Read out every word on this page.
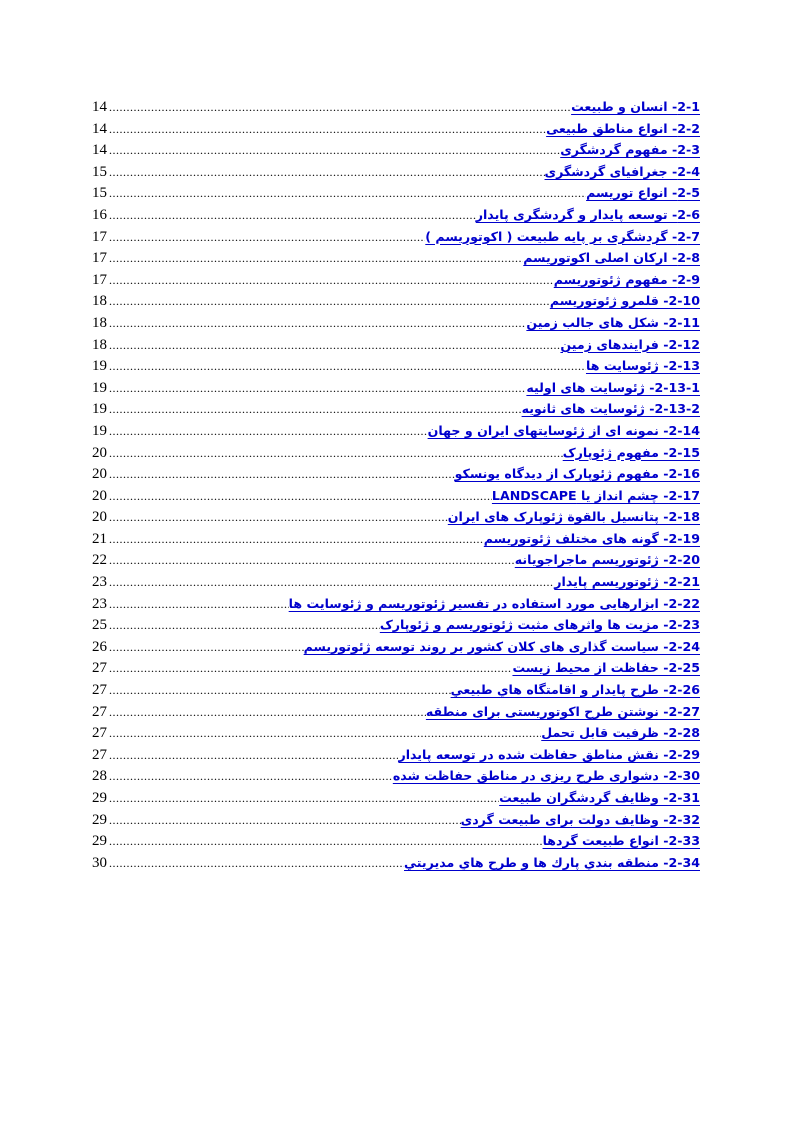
14 .....	2-1- انسان و طبیعت
14 .....	2-2- انواع مناطق طبیعی
14 .....	2-3- مفهوم گردشگری
15 .....	2-4- جغرافیای گردشگری
15 .....	2-5- انواع توریسم
16 .....	2-6- توسعه پایدار و گردشگری پایدار
17 .....	2-7- گردشگری بر پایه طبیعت ( اکوتوریسم )
17 .....	2-8- ارکان اصلی اکوتوریسم
17 .....	2-9- مفهوم ژئوتوریسم
18 .....	2-10- قلمرو ژئوتوریسم
18 .....	2-11- شکل های جالب زمین
18 .....	2-12- فرایندهای زمین
19 .....	2-13- ژئوسایت ها
19 .....	2-13-1- ژئوسایت های اولیه
19 .....	2-13-2- ژئوسایت های ثانویه
19 .....	2-14- نمونه ای از ژئوسایتهای ایران و جهان
20 .....	2-15- مفهوم ژئوپارک
20 .....	2-16- مفهوم ژئوپارک از دیدگاه یونسکو
20 .....	2-17- چشم انداز یا LANDSCAPE
20 .....	2-18- پتانسیل بالقوة ژئوپارک های ایران
21 .....	2-19- گونه های مختلف ژئوتوریسم
22 .....	2-20- ژئوتوریسم ماجراجویانه
23 .....	2-21- ژئوتوریسم پایدار
23 .....	2-22- ابزارهایی مورد استفاده در تفسیر ژئوتوریسم و ژئوسایت ها
25 .....	2-23- مزیت ها واثرهای مثبت ژئوتوریسم و ژئوپارک
26 .....	2-24- سیاست گذاری های کلان کشور بر روند توسعه ژئوتوریسم
27 .....	2-25- حفاظت از محیط زیست
27 .....	2-26- طرح پایدار و اقامتگاه هاي طبیعي
27 .....	2-27- نوشتن طرح اکوتوریستی برای منطقه
27 .....	2-28- ظرفیت قابل تحمل
27 .....	2-29- نقش مناطق حفاظت شده در توسعه پایدار
28 .....	2-30- دشواری طرح ریزی در مناطق حفاظت شده
29 .....	2-31- وظایف گردشگران طبیعت
29 .....	2-32- وظایف دولت برای طبیعت گردی
29 .....	2-33- انواع طبیعت گردها
30 .....	2-34- منطقه بندي پارك ها و طرح هاي مديريتي
